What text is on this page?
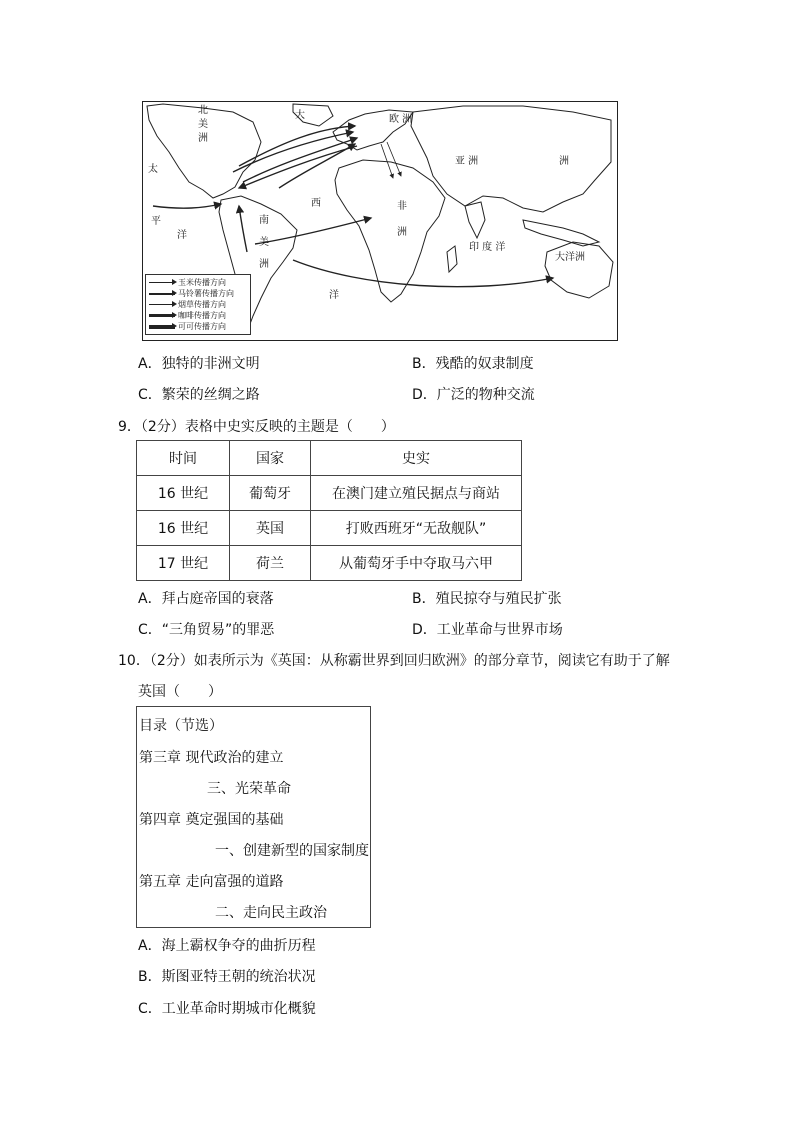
北
美
洲
太
平
洋
大
西
洋
南
美
洲
欧 洲
亚 洲
非
洲
印 度 洋
大洋洲
洲
玉米传播方向
马铃薯传播方向
烟草传播方向
咖啡传播方向
可可传播方向
A．独特的非洲文明	B．残酷的奴隶制度
C．繁荣的丝绸之路	D．广泛的物种交流
9．（2分）表格中史实反映的主题是（　　）
时间	国家	史实
16 世纪	葡萄牙	在澳门建立殖民据点与商站
16 世纪	英国	打败西班牙“无敌舰队”
17 世纪	荷兰	从葡萄牙手中夺取马六甲
A．拜占庭帝国的衰落	B．殖民掠夺与殖民扩张
C．“三角贸易”的罪恶	D．工业革命与世界市场
10．（2分）如表所示为《英国：从称霸世界到回归欧洲》的部分章节，阅读它有助于了解
英国（　　）
目录（节选）
第三章 现代政治的建立
三、光荣革命
第四章 奠定强国的基础
一、创建新型的国家制度
第五章 走向富强的道路
二、走向民主政治
A．海上霸权争夺的曲折历程
B．斯图亚特王朝的统治状况
C．工业革命时期城市化概貌
